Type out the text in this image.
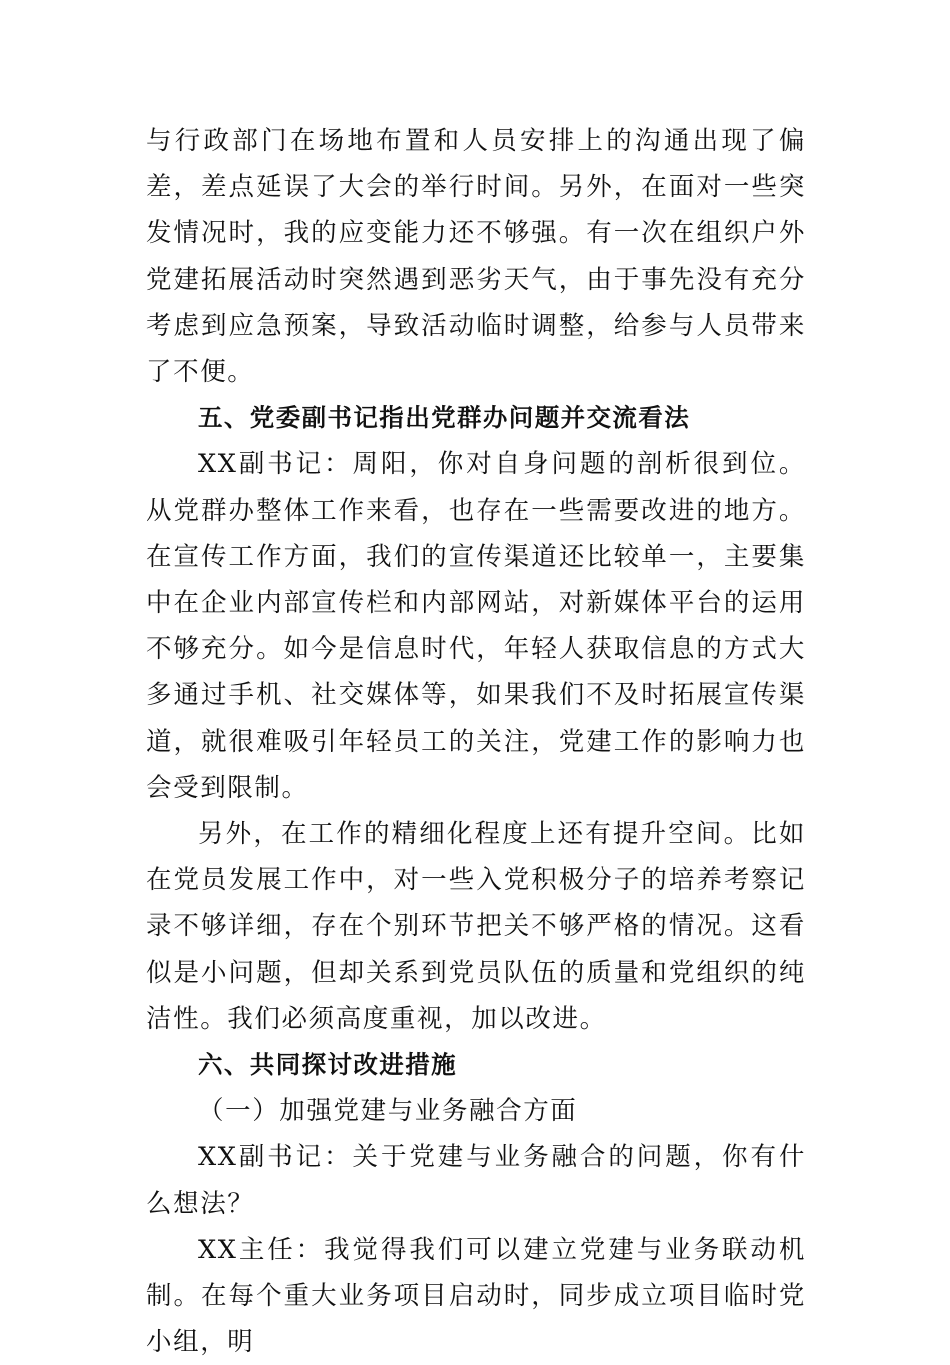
与行政部门在场地布置和人员安排上的沟通出现了偏差，差点延误了大会的举行时间。另外，在面对一些突发情况时，我的应变能力还不够强。有一次在组织户外党建拓展活动时突然遇到恶劣天气，由于事先没有充分考虑到应急预案，导致活动临时调整，给参与人员带来了不便。

五、党委副书记指出党群办问题并交流看法

XX副书记：周阳，你对自身问题的剖析很到位。从党群办整体工作来看，也存在一些需要改进的地方。在宣传工作方面，我们的宣传渠道还比较单一，主要集中在企业内部宣传栏和内部网站，对新媒体平台的运用不够充分。如今是信息时代，年轻人获取信息的方式大多通过手机、社交媒体等，如果我们不及时拓展宣传渠道，就很难吸引年轻员工的关注，党建工作的影响力也会受到限制。

另外，在工作的精细化程度上还有提升空间。比如在党员发展工作中，对一些入党积极分子的培养考察记录不够详细，存在个别环节把关不够严格的情况。这看似是小问题，但却关系到党员队伍的质量和党组织的纯洁性。我们必须高度重视，加以改进。

六、共同探讨改进措施

（一）加强党建与业务融合方面

XX副书记：关于党建与业务融合的问题，你有什么想法？

XX主任：我觉得我们可以建立党建与业务联动机制。在每个重大业务项目启动时，同步成立项目临时党小组，明
